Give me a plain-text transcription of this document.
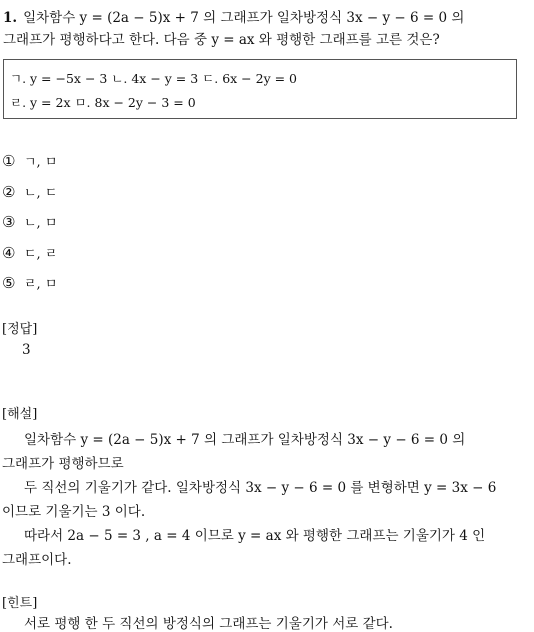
1. 일차함수 y = (2a − 5)x + 7 의 그래프가 일차방정식 3x − y − 6 = 0 의
그래프가 평행하다고 한다. 다음 중 y = ax 와 평행한 그래프를 고른 것은?
ㄱ. y = −5x − 3 ㄴ. 4x − y = 3 ㄷ. 6x − 2y = 0
ㄹ. y = 2x ㅁ. 8x − 2y − 3 = 0
① ㄱ, ㅁ
② ㄴ, ㄷ
③ ㄴ, ㅁ
④ ㄷ, ㄹ
⑤ ㄹ, ㅁ
[정답]
3
[해설]
일차함수 y = (2a − 5)x + 7 의 그래프가 일차방정식 3x − y − 6 = 0 의
그래프가 평행하므로
두 직선의 기울기가 같다. 일차방정식 3x − y − 6 = 0 를 변형하면 y = 3x − 6
이므로 기울기는 3 이다.
따라서 2a − 5 = 3 , a = 4 이므로 y = ax 와 평행한 그래프는 기울기가 4 인
그래프이다.
[힌트]
서로 평행 한 두 직선의 방정식의 그래프는 기울기가 서로 같다.
